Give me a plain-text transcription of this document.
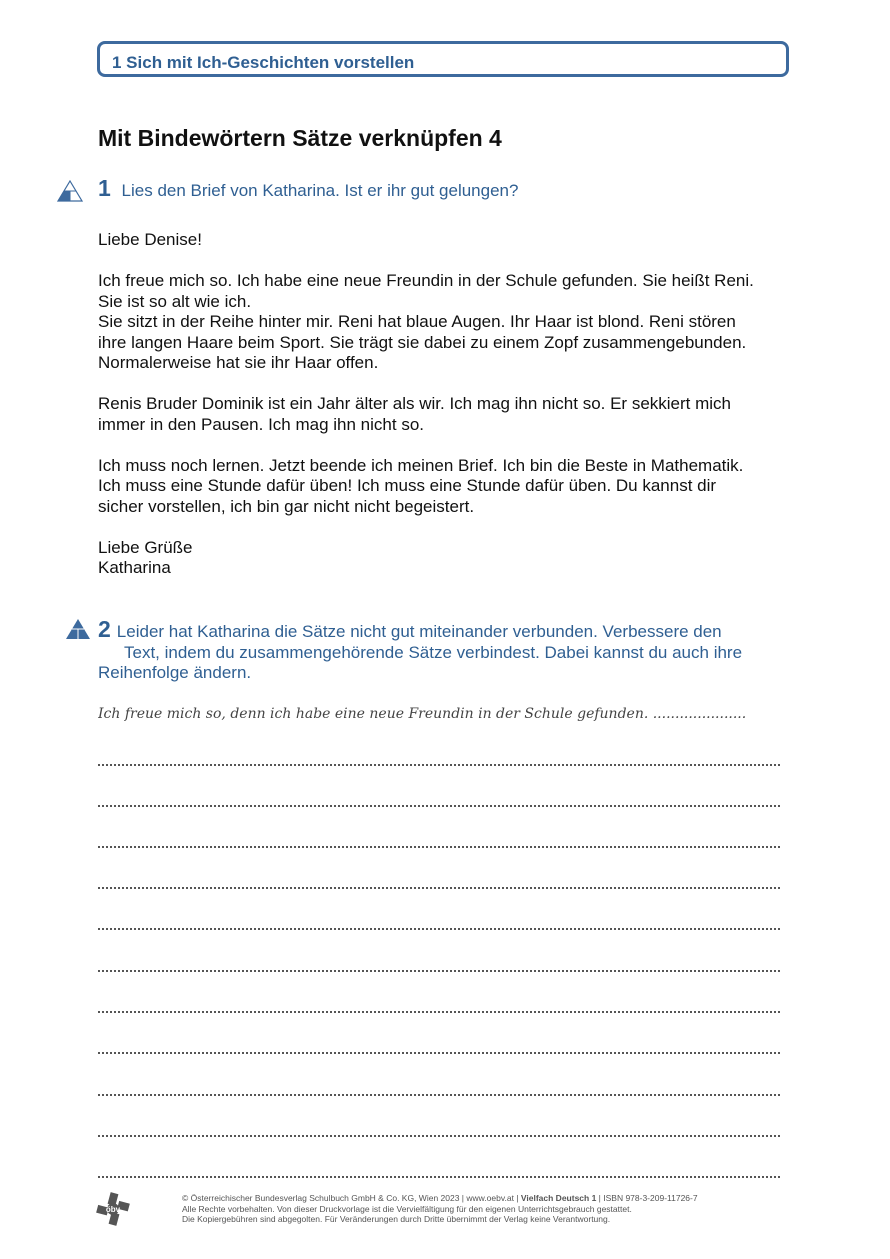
1 Sich mit Ich-Geschichten vorstellen
Mit Bindewörtern Sätze verknüpfen 4
1 Lies den Brief von Katharina. Ist er ihr gut gelungen?

Liebe Denise!

Ich freue mich so. Ich habe eine neue Freundin in der Schule gefunden. Sie heißt Reni.
Sie ist so alt wie ich.
Sie sitzt in der Reihe hinter mir. Reni hat blaue Augen. Ihr Haar ist blond. Reni stören
ihre langen Haare beim Sport. Sie trägt sie dabei zu einem Zopf zusammengebunden.
Normalerweise hat sie ihr Haar offen.

Renis Bruder Dominik ist ein Jahr älter als wir. Ich mag ihn nicht so. Er sekkiert mich
immer in den Pausen. Ich mag ihn nicht so.

Ich muss noch lernen. Jetzt beende ich meinen Brief. Ich bin die Beste in Mathematik.
Ich muss eine Stunde dafür üben! Ich muss eine Stunde dafür üben. Du kannst dir
sicher vorstellen, ich bin gar nicht nicht begeistert.

Liebe Grüße
Katharina

2 Leider hat Katharina die Sätze nicht gut miteinander verbunden. Verbessere den
Text, indem du zusammengehörende Sätze verbindest. Dabei kannst du auch ihre
Reihenfolge ändern.
Ich freue mich so, denn ich habe eine neue Freundin in der Schule gefunden. .....................
öbv
© Österreichischer Bundesverlag Schulbuch GmbH & Co. KG, Wien 2023 | www.oebv.at | Vielfach Deutsch 1 | ISBN 978-3-209-11726-7
Alle Rechte vorbehalten. Von dieser Druckvorlage ist die Vervielfältigung für den eigenen Unterrichtsgebrauch gestattet.
Die Kopiergebühren sind abgegolten. Für Veränderungen durch Dritte übernimmt der Verlag keine Verantwortung.
